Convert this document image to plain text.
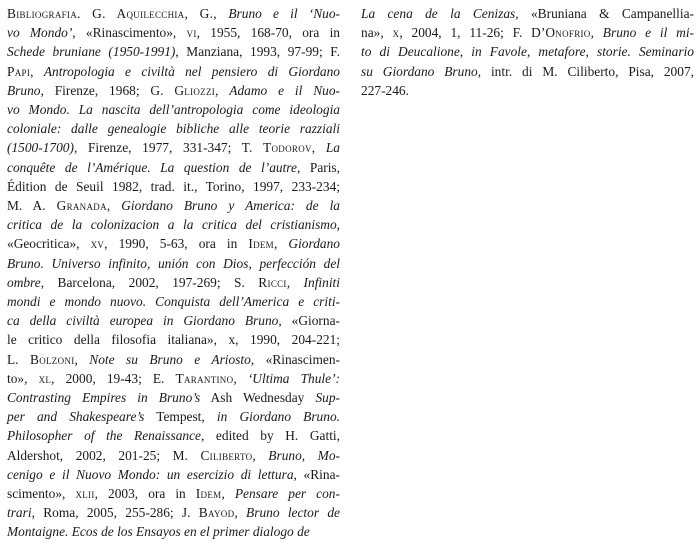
Bibliografia. G. Aquilecchia, G., Bruno e il ‘Nuo-
vo Mondo’, «Rinascimento», vi, 1955, 168-70, ora in
Schede bruniane (1950-1991), Manziana, 1993, 97-99; F.
Papi, Antropologia e civiltà nel pensiero di Giordano
Bruno, Firenze, 1968; G. Gliozzi, Adamo e il Nuo-
vo Mondo. La nascita dell’antropologia come ideologia
coloniale: dalle genealogie bibliche alle teorie razziali
(1500-1700), Firenze, 1977, 331-347; T. Todorov, La
conquête de l’Amérique. La question de l’autre, Paris,
Édition de Seuil 1982, trad. it., Torino, 1997, 233-234;
M. A. Granada, Giordano Bruno y America: de la
critica de la colonizacion a la critica del cristianismo,
«Geocritica», xv, 1990, 5-63, ora in Idem, Giordano
Bruno. Universo infinito, unión con Dios, perfección del
ombre, Barcelona, 2002, 197-269; S. Ricci, Infiniti
mondi e mondo nuovo. Conquista dell’America e criti-
ca della civiltà europea in Giordano Bruno, «Giorna-
le critico della filosofia italiana», x, 1990, 204-221;
L. Bolzoni, Note su Bruno e Ariosto, «Rinascimen-
to», xl, 2000, 19-43; E. Tarantino, ‘Ultima Thule’:
Contrasting Empires in Bruno’s Ash Wednesday Sup-
per and Shakespeare’s Tempest, in Giordano Bruno.
Philosopher of the Renaissance, edited by H. Gatti,
Aldershot, 2002, 201-25; M. Ciliberto, Bruno, Mo-
cenigo e il Nuovo Mondo: un esercizio di lettura, «Rina-
scimento», xlii, 2003, ora in Idem, Pensare per con-
trari, Roma, 2005, 255-286; J. Bayod, Bruno lector de
Montaigne. Ecos de los Ensayos en el primer dialogo de
La cena de la Cenizas, «Bruniana & Campanellia-
na», x, 2004, 1, 11-26; F. D’Onofrio, Bruno e il mi-
to di Deucalione, in Favole, metafore, storie. Seminario
su Giordano Bruno, intr. di M. Ciliberto, Pisa, 2007,
227-246.
